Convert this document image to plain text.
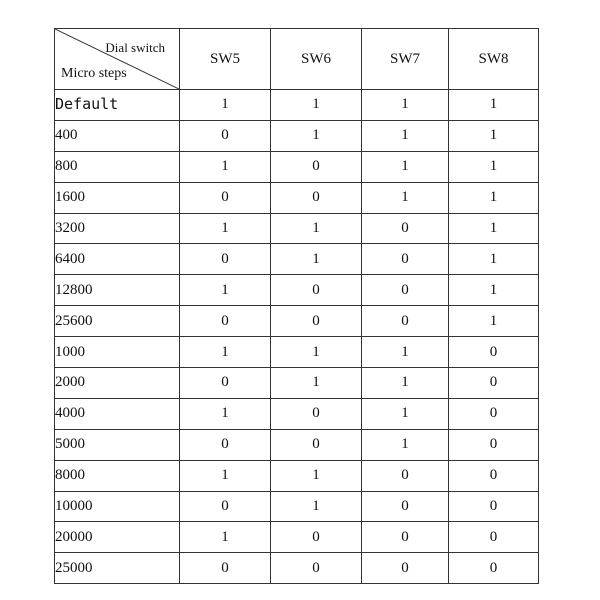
Dial switch
Micro steps	SW5	SW6	SW7	SW8
Default	1	1	1	1
400	0	1	1	1
800	1	0	1	1
1600	0	0	1	1
3200	1	1	0	1
6400	0	1	0	1
12800	1	0	0	1
25600	0	0	0	1
1000	1	1	1	0
2000	0	1	1	0
4000	1	0	1	0
5000	0	0	1	0
8000	1	1	0	0
10000	0	1	0	0
20000	1	0	0	0
25000	0	0	0	0
